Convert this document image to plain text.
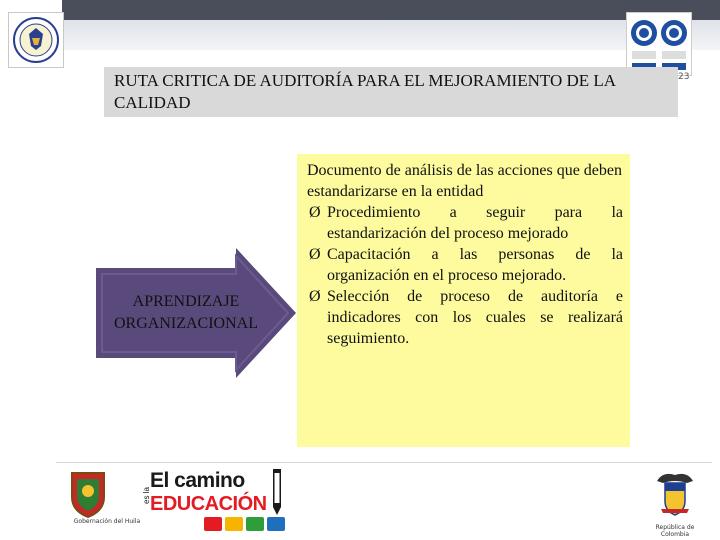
23
RUTA CRITICA DE AUDITORÍA PARA EL MEJORAMIENTO DE LA CALIDAD
APRENDIZAJE ORGANIZACIONAL

Documento de análisis de las acciones que deben estandarizarse en la entidad

Ø Procedimiento a seguir para la estandarización del proceso mejorado
Ø Capacitación a las personas de la organización en el proceso mejorado.
Ø Selección de proceso de auditoría e indicadores con los cuales se realizará seguimiento.
Gobernación del Huila
El camino
es la EDUCACIÓN
República de Colombia
